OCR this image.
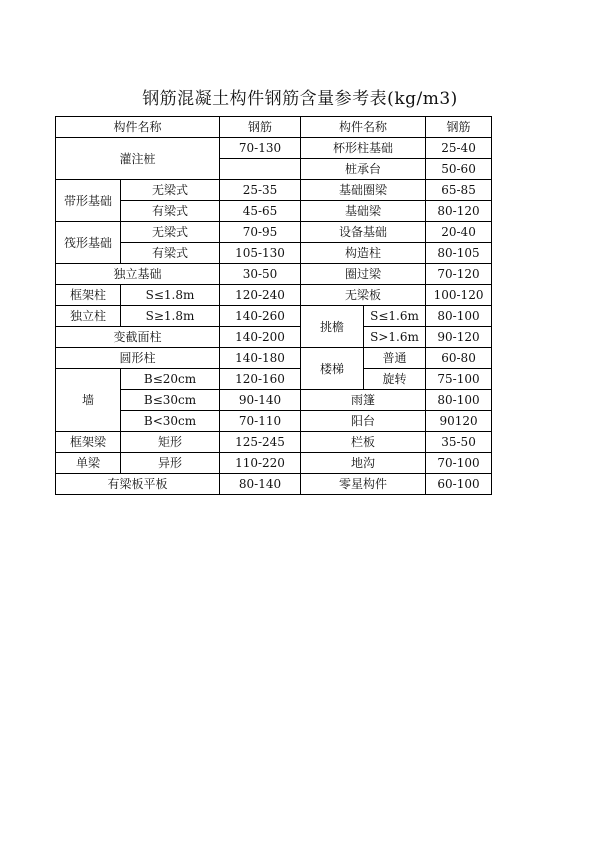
钢筋混凝土构件钢筋含量参考表(kg/m3)
构件名称		钢筋	构件名称		钢筋
灌注桩		70-130	杯形柱基础		25-40
			桩承台		50-60
带形基础	无梁式	25-35	基础圈梁		65-85
	有梁式	45-65	基础梁		80-120
筏形基础	无梁式	70-95	设备基础		20-40
	有梁式	105-130	构造柱		80-105
独立基础		30-50	圈过梁		70-120
框架柱	S≤1.8m	120-240	无梁板		100-120
独立柱	S≥1.8m	140-260	挑檐	S≤1.6m	80-100
变截面柱		140-200		S>1.6m	90-120
圆形柱		140-180	楼梯	普通	60-80
墙	B≤20cm	120-160		旋转	75-100
	B≤30cm	90-140	雨篷		80-100
	B<30cm	70-110	阳台		90120
框架梁	矩形	125-245	栏板		35-50
单梁	异形	110-220	地沟		70-100
有梁板平板		80-140	零星构件		60-100
